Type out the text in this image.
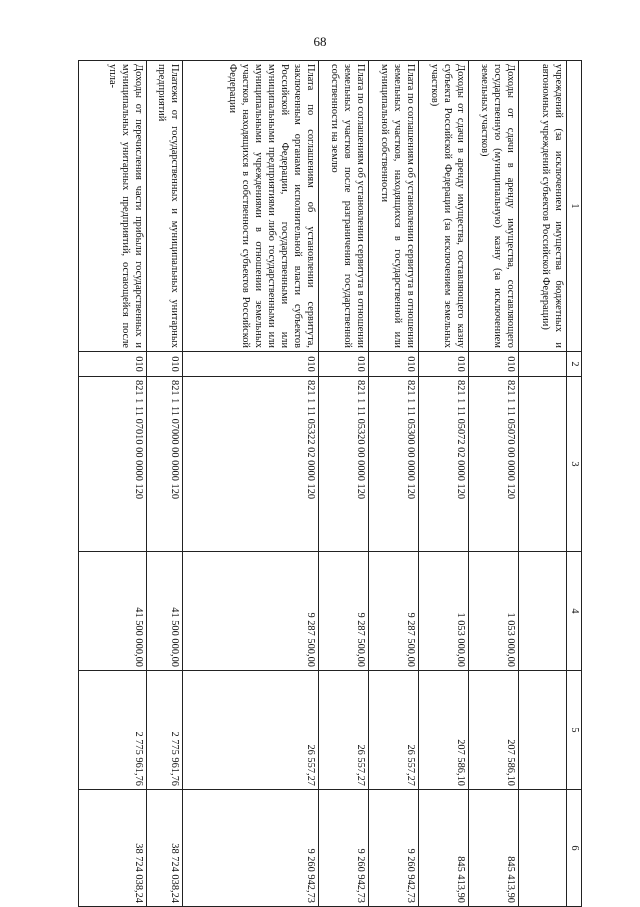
68
1	2	3	4	5	6
учреждений (за исключением имущества бюджетных и автономных учреждений субъектов Российской Федерации)					
Доходы от сдачи в аренду имущества, составляющего государственную (муниципальную) казну (за исключением земельных участков)	010	821 1 11 05070 00 0000 120	1 053 000,00	207 586,10	845 413,90
Доходы от сдачи в аренду имущества, составляющего казну субъекта Российской Федерации (за исключением земельных участков)	010	821 1 11 05072 02 0000 120	1 053 000,00	207 586,10	845 413,90
Плата по соглашениям об установлении сервитута в отношении земельных участков, находящихся в государственной или муниципальной собственности	010	821 1 11 05300 00 0000 120	9 287 500,00	26 557,27	9 260 942,73
Плата по соглашениям об установлении сервитута в отношении земельных участков после разграничения государственной собственности на землю	010	821 1 11 05320 00 0000 120	9 287 500,00	26 557,27	9 260 942,73
Плата по соглашениям об установлении сервитута, заключенным органами исполнительной власти субъектов Российской Федерации, государственными или муниципальными предприятиями либо государственными или муниципальными учреждениями в отношении земельных участков, находящихся в собственности субъектов Российской Федерации	010	821 1 11 05322 02 0000 120	9 287 500,00	26 557,27	9 260 942,73
Платежи от государственных и муниципальных унитарных предприятий	010	821 1 11 07000 00 0000 120	41 500 000,00	2 775 961,76	38 724 038,24
Доходы от перечисления части прибыли государственных и муниципальных унитарных предприятий, остающейся после упла-	010	821 1 11 07010 00 0000 120	41 500 000,00	2 775 961,76	38 724 038,24
